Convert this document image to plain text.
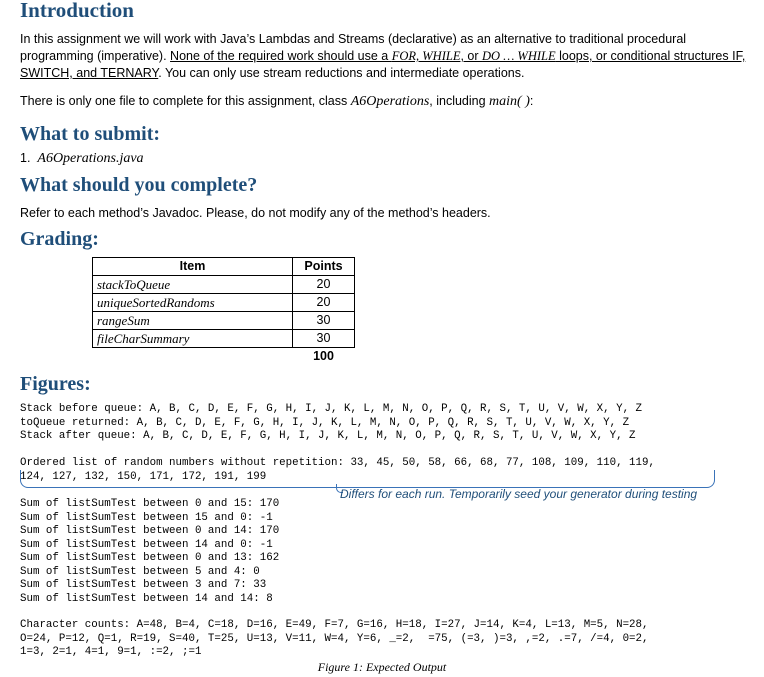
Introduction

In this assignment we will work with Java’s Lambdas and Streams (declarative) as an alternative to traditional procedural programming (imperative). None of the required work should use a FOR, WHILE, or DO … WHILE loops, or conditional structures IF, SWITCH, and TERNARY. You can only use stream reductions and intermediate operations.

There is only one file to complete for this assignment, class A6Operations, including main( ):

What to submit:

1. A6Operations.java

What should you complete?

Refer to each method’s Javadoc. Please, do not modify any of the method’s headers.

Grading:
Item	Points
stackToQueue	20
uniqueSortedRandoms	20
rangeSum	30
fileCharSummary	30
	100
Figures:
Stack before queue: A, B, C, D, E, F, G, H, I, J, K, L, M, N, O, P, Q, R, S, T, U, V, W, X, Y, Z
toQueue returned: A, B, C, D, E, F, G, H, I, J, K, L, M, N, O, P, Q, R, S, T, U, V, W, X, Y, Z
Stack after queue: A, B, C, D, E, F, G, H, I, J, K, L, M, N, O, P, Q, R, S, T, U, V, W, X, Y, Z
Ordered list of random numbers without repetition: 33, 45, 50, 58, 66, 68, 77, 108, 109, 110, 119,
124, 127, 132, 150, 171, 172, 191, 199
Differs for each run. Temporarily seed your generator during testing
Sum of listSumTest between 0 and 15: 170
Sum of listSumTest between 15 and 0: -1
Sum of listSumTest between 0 and 14: 170
Sum of listSumTest between 14 and 0: -1
Sum of listSumTest between 0 and 13: 162
Sum of listSumTest between 5 and 4: 0
Sum of listSumTest between 3 and 7: 33
Sum of listSumTest between 14 and 14: 8
Character counts: A=48, B=4, C=18, D=16, E=49, F=7, G=16, H=18, I=27, J=14, K=4, L=13, M=5, N=28,
O=24, P=12, Q=1, R=19, S=40, T=25, U=13, V=11, W=4, Y=6, _=2,  =75, (=3, )=3, ,=2, .=7, /=4, 0=2,
1=3, 2=1, 4=1, 9=1, :=2, ;=1
Figure 1: Expected Output
